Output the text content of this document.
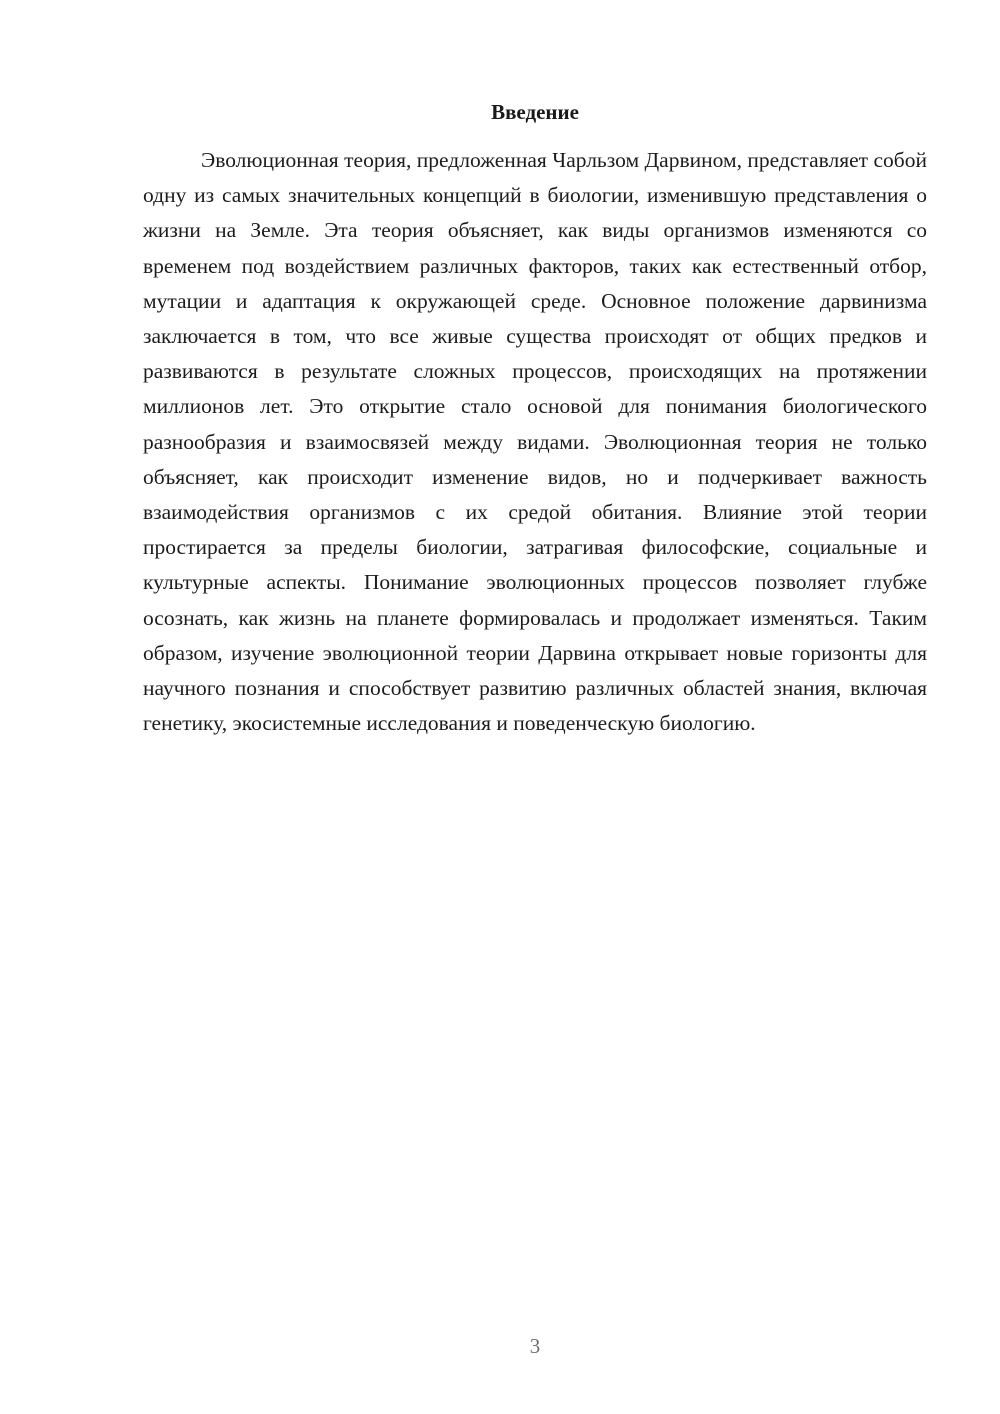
Введение

Эволюционная теория, предложенная Чарльзом Дарвином, представляет собой одну из самых значительных концепций в биологии, изменившую представления о жизни на Земле. Эта теория объясняет, как виды организмов изменяются со временем под воздействием различных факторов, таких как естественный отбор, мутации и адаптация к окружающей среде. Основное положение дарвинизма заключается в том, что все живые существа происходят от общих предков и развиваются в результате сложных процессов, происходящих на протяжении миллионов лет. Это открытие стало основой для понимания биологического разнообразия и взаимосвязей между видами. Эволюционная теория не только объясняет, как происходит изменение видов, но и подчеркивает важность взаимодействия организмов с их средой обитания. Влияние этой теории простирается за пределы биологии, затрагивая философские, социальные и культурные аспекты. Понимание эволюционных процессов позволяет глубже осознать, как жизнь на планете формировалась и продолжает изменяться. Таким образом, изучение эволюционной теории Дарвина открывает новые горизонты для научного познания и способствует развитию различных областей знания, включая генетику, экосистемные исследования и поведенческую биологию.

3
